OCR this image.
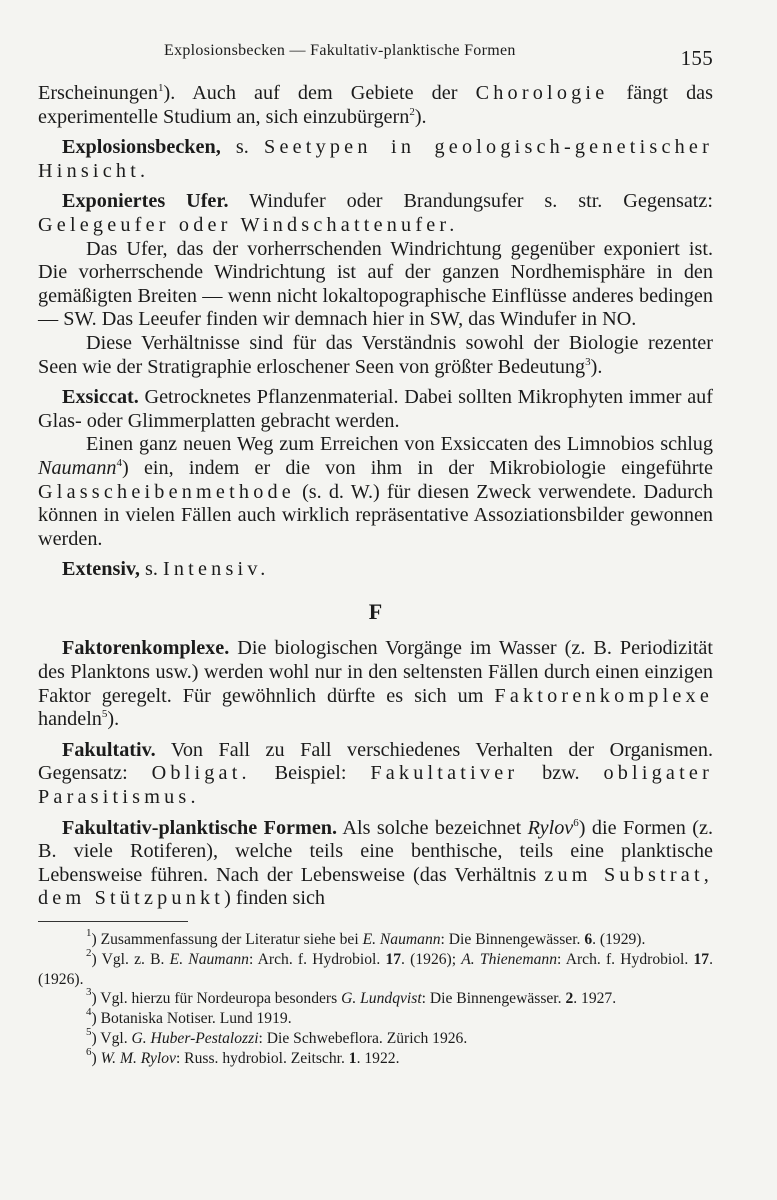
Explosionsbecken — Fakultativ-planktische Formen	155

Erscheinungen$^1$). Auch auf dem Gebiete der Chorologie fängt das experimentelle Studium an, sich einzubürgern$^2$).

Explosionsbecken, s. Seetypen in geologisch-genetischer Hinsicht.

Exponiertes Ufer. Windufer oder Brandungsufer s. str. Gegensatz: Gelegeufer oder Windschattenufer.

Das Ufer, das der vorherrschenden Windrichtung gegenüber exponiert ist. Die vorherrschende Windrichtung ist auf der ganzen Nordhemisphäre in den gemäßigten Breiten — wenn nicht lokaltopographische Einflüsse anderes bedingen — SW. Das Leeufer finden wir demnach hier in SW, das Windufer in NO.

Diese Verhältnisse sind für das Verständnis sowohl der Biologie rezenter Seen wie der Stratigraphie erloschener Seen von größter Bedeutung$^3$).

Exsiccat. Getrocknetes Pflanzenmaterial. Dabei sollten Mikrophyten immer auf Glas- oder Glimmerplatten gebracht werden.

Einen ganz neuen Weg zum Erreichen von Exsiccaten des Limnobios schlug Naumann$^4$) ein, indem er die von ihm in der Mikrobiologie eingeführte Glasscheibenmethode (s. d. W.) für diesen Zweck verwendete. Dadurch können in vielen Fällen auch wirklich repräsentative Assoziationsbilder gewonnen werden.

Extensiv, s. Intensiv.

F

Faktorenkomplexe. Die biologischen Vorgänge im Wasser (z. B. Periodizität des Planktons usw.) werden wohl nur in den seltensten Fällen durch einen einzigen Faktor geregelt. Für gewöhnlich dürfte es sich um Faktorenkomplexe handeln$^5$).

Fakultativ. Von Fall zu Fall verschiedenes Verhalten der Organismen. Gegensatz: Obligat. Beispiel: Fakultativer bzw. obligater Parasitismus.

Fakultativ-planktische Formen. Als solche bezeichnet Rylov$^6$) die Formen (z. B. viele Rotiferen), welche teils eine benthische, teils eine planktische Lebensweise führen. Nach der Lebensweise (das Verhältnis zum Substrat, dem Stützpunkt) finden sich

$^1$) Zusammenfassung der Literatur siehe bei E. Naumann: Die Binnengewässer. 6. (1929).

$^2$) Vgl. z. B. E. Naumann: Arch. f. Hydrobiol. 17. (1926); A. Thienemann: Arch. f. Hydrobiol. 17. (1926).

$^3$) Vgl. hierzu für Nordeuropa besonders G. Lundqvist: Die Binnengewässer. 2. 1927.

$^4$) Botaniska Notiser. Lund 1919.

$^5$) Vgl. G. Huber-Pestalozzi: Die Schwebeflora. Zürich 1926.

$^6$) W. M. Rylov: Russ. hydrobiol. Zeitschr. 1. 1922.
